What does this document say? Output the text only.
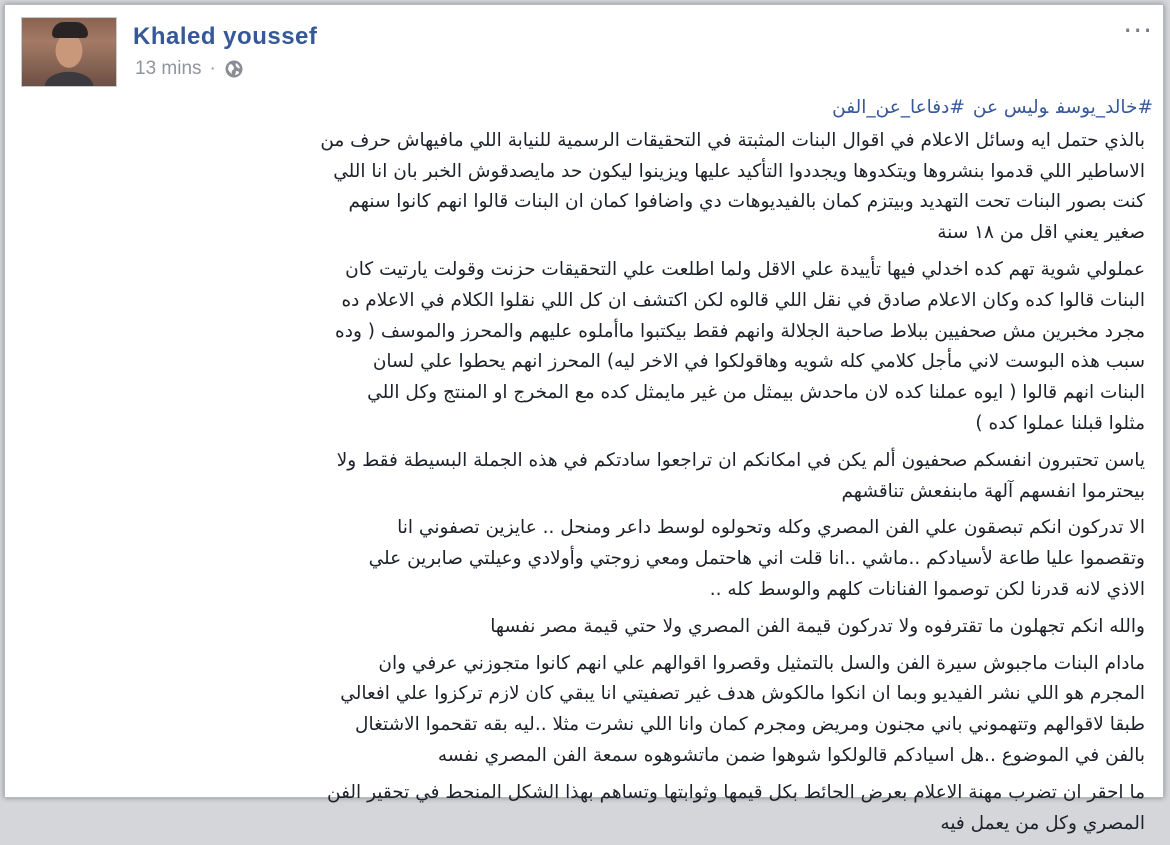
Khaled youssef
13 mins ·
···
#خالد_يوسفوليس عن#دفاعا_عن_الفن
بالذي حتمل ايه وسائل الاعلام في اقوال البنات المثبتة في التحقيقات الرسمية للنيابة اللي مافيهاش حرف من
الاساطير اللي قدموا بنشروها ويتكدوها ويجددوا التأكيد عليها ويزينوا ليكون حد مايصدقوش الخبر بان انا اللي
كنت بصور البنات تحت التهديد وبيتزم كمان بالفيديوهات دي واضافوا كمان ان البنات قالوا انهم كانوا سنهم
صغير يعني اقل من ١٨ سنة
عملولي شوية تهم كده اخدلي فيها تأييدة علي الاقل ولما اطلعت علي التحقيقات حزنت وقولت يارتيت كان
البنات قالوا كده وكان الاعلام صادق في نقل اللي قالوه لكن اكتشف ان كل اللي نقلوا الكلام في الاعلام ده
مجرد مخبرين مش صحفيين ببلاط صاحبة الجلالة وانهم فقط بيكتبوا ماأملوه عليهم والمحرز والموسف ( وده
سبب هذه البوست لاني مأجل كلامي كله شويه وهاقولكوا في الاخر ليه) المحرز انهم يحطوا علي لسان
البنات انهم قالوا ( ايوه عملنا كده لان ماحدش بيمثل من غير مايمثل كده مع المخرج او المنتج وكل اللي
مثلوا قبلنا عملوا كده )
ياسن تحتبرون انفسكم صحفيون ألم يكن في امكانكم ان تراجعوا سادتكم في هذه الجملة البسيطة فقط ولا
بيحترموا انفسهم آلهة مابنفعش تناقشهم
الا تدركون انكم تبصقون علي الفن المصري وكله وتحولوه لوسط داعر ومنحل .. عايزين تصفوني انا
وتقصموا عليا طاعة لأسيادكم ..ماشي ..انا قلت اني هاحتمل ومعي زوجتي وأولادي وعيلتي صابرين علي
الاذي لانه قدرنا لكن توصموا الفنانات كلهم والوسط كله ..
والله انكم تجهلون ما تقترفوه ولا تدركون قيمة الفن المصري ولا حتي قيمة مصر نفسها
مادام البنات ماجبوش سيرة الفن والسل بالتمثيل وقصروا اقوالهم علي انهم كانوا متجوزني عرفي وان
المجرم هو اللي نشر الفيديو وبما ان انكوا مالكوش هدف غير تصفيتي انا يبقي كان لازم تركزوا علي افعالي
طبقا لاقوالهم وتتهموني باني مجنون ومريض ومجرم كمان وانا اللي نشرت مثلا ..ليه بقه تقحموا الاشتغال
بالفن في الموضوع ..هل اسيادكم قالولكوا شوهوا ضمن ماتشوهوه سمعة الفن المصري نفسه
ما احقر ان تضرب مهنة الاعلام بعرض الحائط بكل قيمها وثوابتها وتساهم بهذا الشكل المنحط في تحقير الفن
المصري وكل من يعمل فيه
